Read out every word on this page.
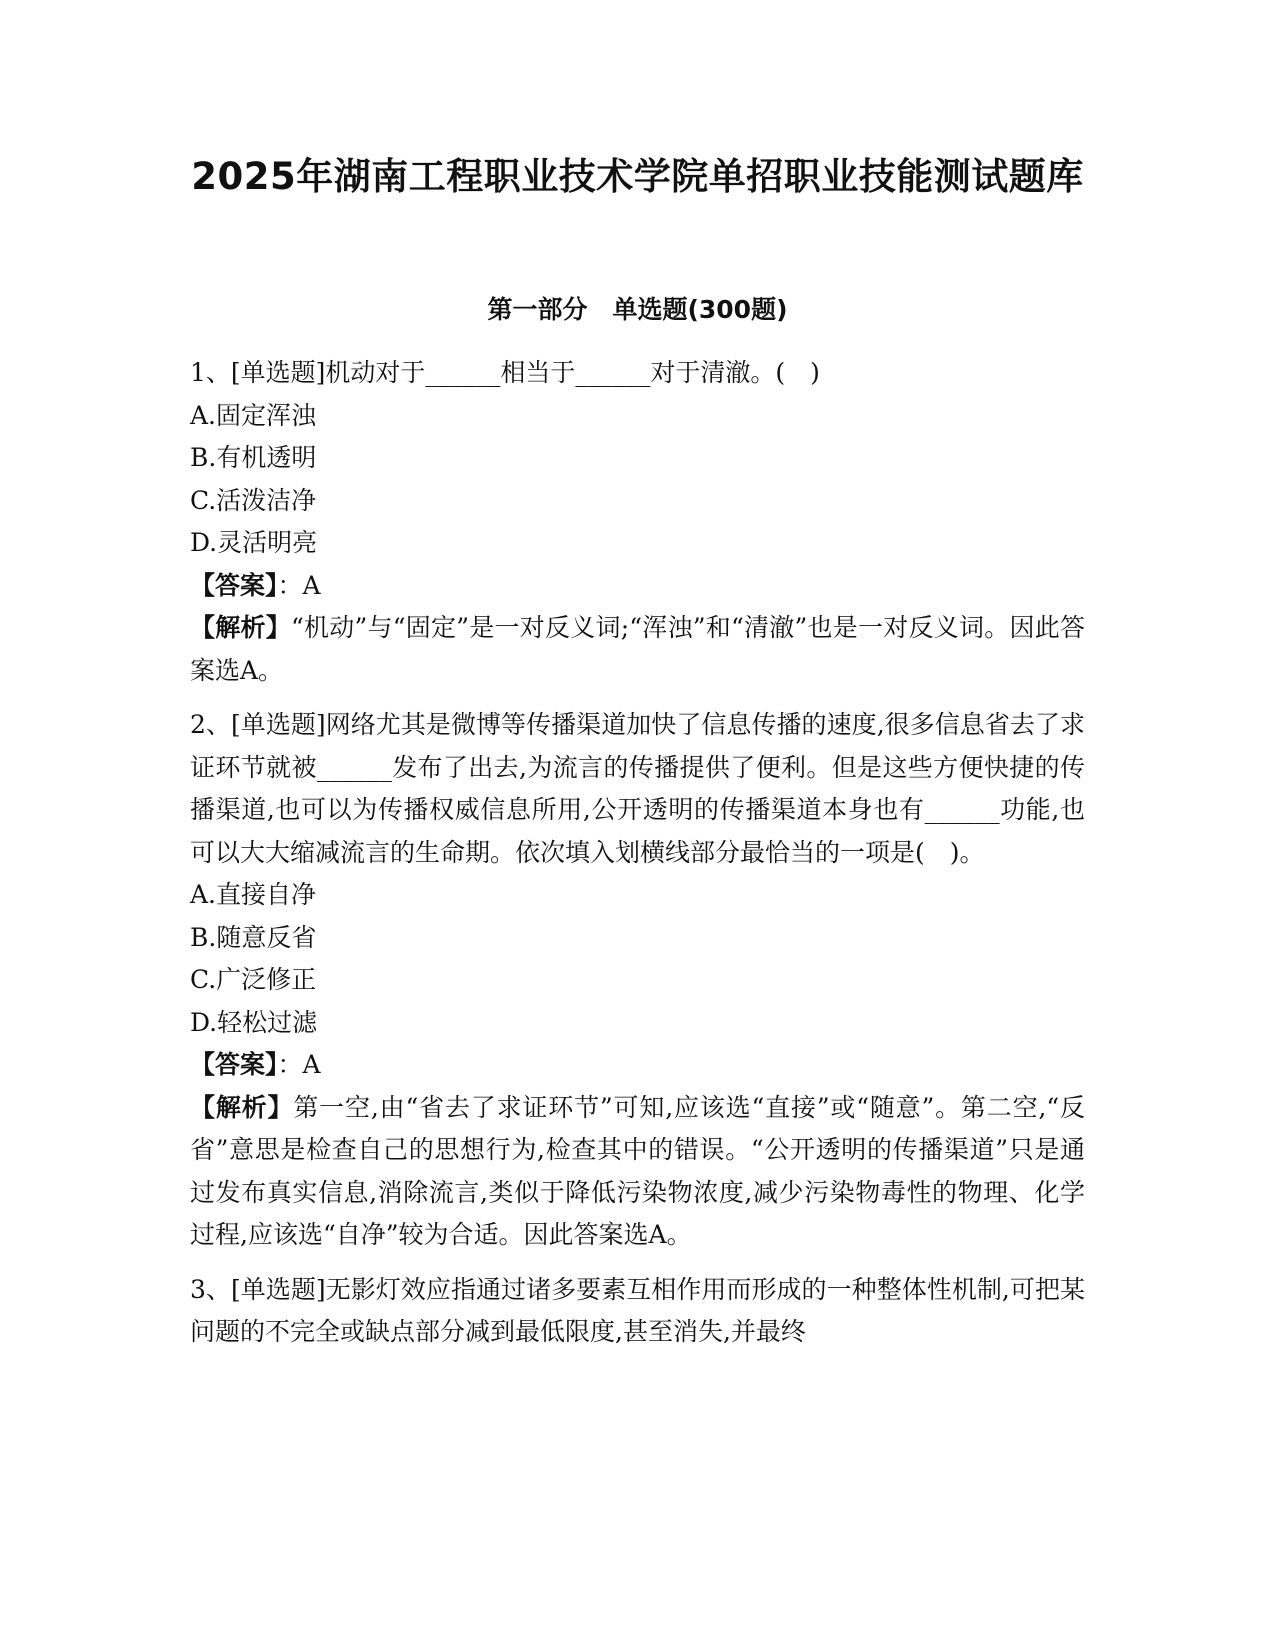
2025年湖南工程职业技术学院单招职业技能测试题库
第一部分　单选题(300题)
1、[单选题]机动对于______相当于______对于清澈。(　)
A.固定浑浊
B.有机透明
C.活泼洁净
D.灵活明亮
【答案】：A
【解析】“机动”与“固定”是一对反义词;“浑浊”和“清澈”也是一对反义词。因此答案选A。
2、[单选题]网络尤其是微博等传播渠道加快了信息传播的速度,很多信息省去了求证环节就被______发布了出去,为流言的传播提供了便利。但是这些方便快捷的传播渠道,也可以为传播权威信息所用,公开透明的传播渠道本身也有______功能,也可以大大缩减流言的生命期。依次填入划横线部分最恰当的一项是(　)。
A.直接自净
B.随意反省
C.广泛修正
D.轻松过滤
【答案】：A
【解析】第一空,由“省去了求证环节”可知,应该选“直接”或“随意”。第二空,“反省”意思是检查自己的思想行为,检查其中的错误。“公开透明的传播渠道”只是通过发布真实信息,消除流言,类似于降低污染物浓度,减少污染物毒性的物理、化学过程,应该选“自净”较为合适。因此答案选A。
3、[单选题]无影灯效应指通过诸多要素互相作用而形成的一种整体性机制,可把某问题的不完全或缺点部分减到最低限度,甚至消失,并最终
